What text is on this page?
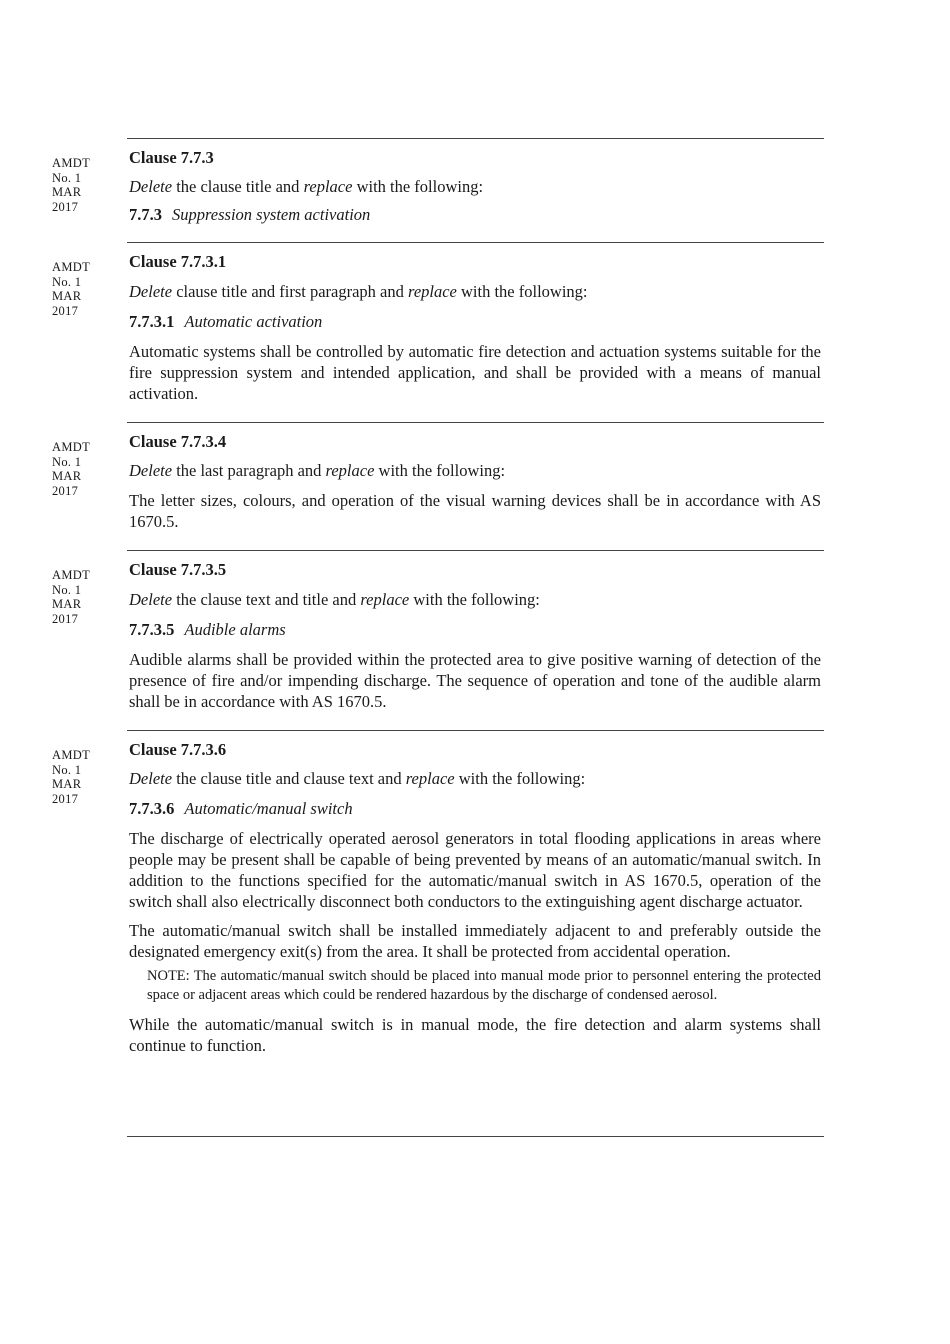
AMDT
No. 1
MAR
2017

Clause 7.7.3

Delete the clause title and replace with the following:

7.7.3 Suppression system activation

AMDT
No. 1
MAR
2017

Clause 7.7.3.1

Delete clause title and first paragraph and replace with the following:

7.7.3.1 Automatic activation

Automatic systems shall be controlled by automatic fire detection and actuation systems suitable for the fire suppression system and intended application, and shall be provided with a means of manual activation.

AMDT
No. 1
MAR
2017

Clause 7.7.3.4

Delete the last paragraph and replace with the following:

The letter sizes, colours, and operation of the visual warning devices shall be in accordance with AS 1670.5.

AMDT
No. 1
MAR
2017

Clause 7.7.3.5

Delete the clause text and title and replace with the following:

7.7.3.5 Audible alarms

Audible alarms shall be provided within the protected area to give positive warning of detection of the presence of fire and/or impending discharge. The sequence of operation and tone of the audible alarm shall be in accordance with AS 1670.5.

AMDT
No. 1
MAR
2017

Clause 7.7.3.6

Delete the clause title and clause text and replace with the following:

7.7.3.6 Automatic/manual switch

The discharge of electrically operated aerosol generators in total flooding applications in areas where people may be present shall be capable of being prevented by means of an automatic/manual switch. In addition to the functions specified for the automatic/manual switch in AS 1670.5, operation of the switch shall also electrically disconnect both conductors to the extinguishing agent discharge actuator.

The automatic/manual switch shall be installed immediately adjacent to and preferably outside the designated emergency exit(s) from the area. It shall be protected from accidental operation.

NOTE: The automatic/manual switch should be placed into manual mode prior to personnel entering the protected space or adjacent areas which could be rendered hazardous by the discharge of condensed aerosol.

While the automatic/manual switch is in manual mode, the fire detection and alarm systems shall continue to function.
